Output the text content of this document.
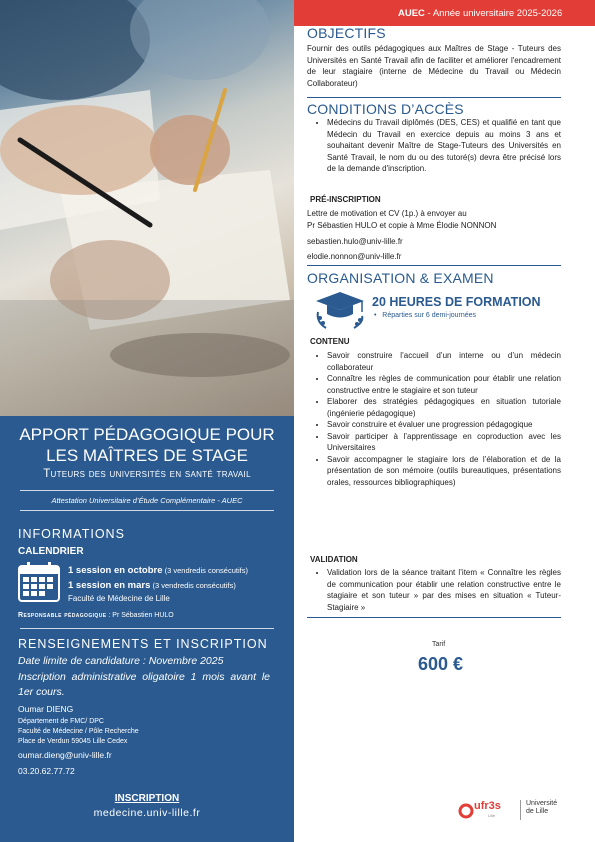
APPORT PÉDAGOGIQUE POUR
LES MAÎTRES DE STAGE
Tuteurs des universités en santé travail
Attestation Universitaire d’Étude Complémentaire - AUEC
INFORMATIONS
CALENDRIER
1 session en octobre (3 vendredis consécutifs)
1 session en mars (3 vendredis consécutifs)
Faculté de Médecine de Lille
Responsable pédagogique : Pr Sébastien HULO
RENSEIGNEMENTS ET INSCRIPTION
Date limite de candidature : Novembre 2025
Inscription administrative oligatoire 1 mois avant le 1er cours.
Oumar DIENG
Département de FMC/ DPC
Faculté de Médecine / Pôle Recherche
Place de Verdun 59045 Lille Cedex
oumar.dieng@univ-lille.fr
03.20.62.77.72
INSCRIPTION
medecine.univ-lille.fr
AUEC - Année universitaire 2025-2026
OBJECTIFS
Fournir des outils pédagogiques aux Maîtres de Stage - Tuteurs des Universités en Santé Travail afin de faciliter et améliorer l'encadrement de leur stagiaire (interne de Médecine du Travail ou Médecin Collaborateur)
CONDITIONS D’ACCÈS
• Médecins du Travail diplômés (DES, CES) et qualifié en tant que Médecin du Travail en exercice depuis au moins 3 ans et souhaitant devenir Maître de Stage-Tuteurs des Universités en Santé Travail, le nom du ou des tutoré(s) devra être précisé lors de la demande d'inscription.
PRÉ-INSCRIPTION
Lettre de motivation et CV (1p.) à envoyer au
Pr Sébastien HULO et copie à Mme Élodie NONNON
sebastien.hulo@univ-lille.fr
elodie.nonnon@univ-lille.fr
ORGANISATION & EXAMEN
20 HEURES DE FORMATION
•   Réparties sur 6 demi-journées
CONTENU
• Savoir construire l’accueil d’un interne ou d’un médecin collaborateur
• Connaître les règles de communication pour établir une relation constructive entre le stagiaire et son tuteur
• Elaborer des stratégies pédagogiques en situation tutoriale (ingénierie pédagogique)
• Savoir construire et évaluer une progression pédagogique
• Savoir participer à l’apprentissage en coproduction avec les Universitaires
• Savoir accompagner le stagiaire lors de l’élaboration et de la présentation de son mémoire (outils bureautiques, présentations orales, ressources bibliographiques)
VALIDATION
• Validation lors de la séance traitant l’item « Connaître les règles de communication pour établir une relation constructive entre le stagiaire et son tuteur » par des mises en situation « Tuteur-Stagiaire »
Tarif
600 €
ufr3s
Lille
Université
de Lille
